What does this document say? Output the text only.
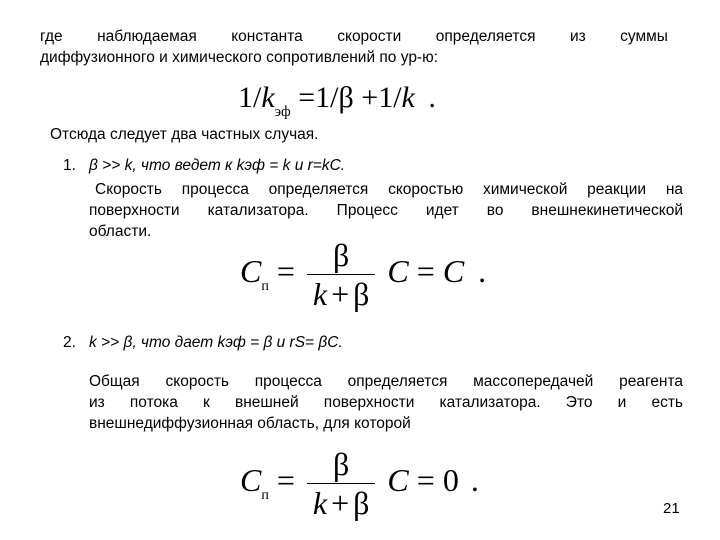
где наблюдаемая константа скорости определяется из суммы
диффузионного и химического сопротивлений по ур-ю:
$1/k_{эф} =1/\beta +1/k$ .
Отсюда следует два частных случая.
1. β >> k, что ведет к kэф = k и r=kC.
Скорость процесса определяется скоростью химической реакции на
поверхности катализатора. Процесс идет во внешнекинетической
области.
$C_п = \frac{\beta}{k + \beta}$ C = C .
2. k >> β, что дает kэф = β и rS= βC.
Общая скорость процесса определяется массопередачей реагента
из потока к внешней поверхности катализатора. Это и есть
внешнедиффузионная область, для которой
$C_п = \frac{\beta}{k + \beta}$ C = 0 .
21
